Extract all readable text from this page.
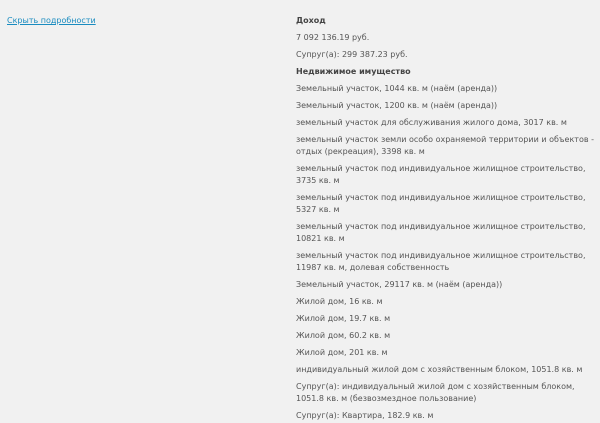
Скрыть подробности	Доход
7 092 136.19 руб.
Супруг(а): 299 387.23 руб.
Недвижимое имущество
Земельный участок, 1044 кв. м (наём (аренда))
Земельный участок, 1200 кв. м (наём (аренда))
земельный участок для обслуживания жилого дома, 3017 кв. м
земельный участок земли особо охраняемой территории и объектов - отдых (рекреация), 3398 кв. м
земельный участок под индивидуальное жилищное строительство, 3735 кв. м
земельный участок под индивидуальное жилищное строительство, 5327 кв. м
земельный участок под индивидуальное жилищное строительство, 10821 кв. м
земельный участок под индивидуальное жилищное строительство, 11987 кв. м, долевая собственность
Земельный участок, 29117 кв. м (наём (аренда))
Жилой дом, 16 кв. м
Жилой дом, 19.7 кв. м
Жилой дом, 60.2 кв. м
Жилой дом, 201 кв. м
индивидуальный жилой дом с хозяйственным блоком, 1051.8 кв. м
Супруг(а): индивидуальный жилой дом с хозяйственным блоком, 1051.8 кв. м (безвозмездное пользование)
Супруг(а): Квартира, 182.9 кв. м
